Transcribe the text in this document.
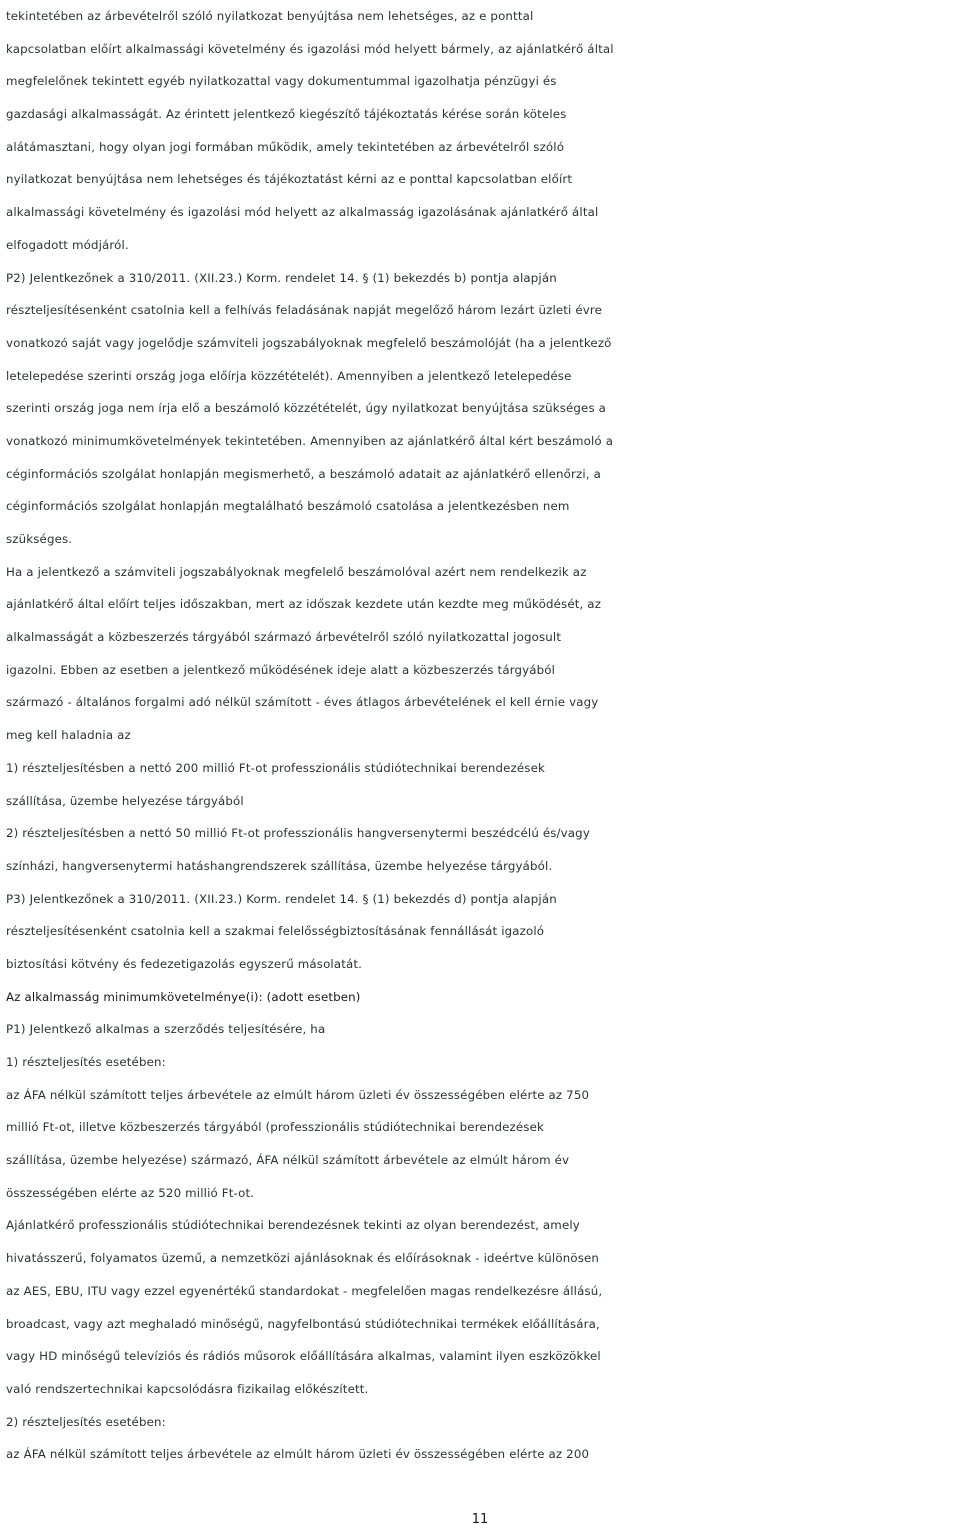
tekintetében az árbevételről szóló nyilatkozat benyújtása nem lehetséges, az e ponttal
kapcsolatban előírt alkalmassági követelmény és igazolási mód helyett bármely, az ajánlatkérő által
megfelelőnek tekintett egyéb nyilatkozattal vagy dokumentummal igazolhatja pénzügyi és
gazdasági alkalmasságát. Az érintett jelentkező kiegészítő tájékoztatás kérése során köteles
alátámasztani, hogy olyan jogi formában működik, amely tekintetében az árbevételről szóló
nyilatkozat benyújtása nem lehetséges és tájékoztatást kérni az e ponttal kapcsolatban előírt
alkalmassági követelmény és igazolási mód helyett az alkalmasság igazolásának ajánlatkérő által
elfogadott módjáról.
P2) Jelentkezőnek a 310/2011. (XII.23.) Korm. rendelet 14. § (1) bekezdés b) pontja alapján
részteljesítésenként csatolnia kell a felhívás feladásának napját megelőző három lezárt üzleti évre
vonatkozó saját vagy jogelődje számviteli jogszabályoknak megfelelő beszámolóját (ha a jelentkező
letelepedése szerinti ország joga előírja közzétételét). Amennyiben a jelentkező letelepedése
szerinti ország joga nem írja elő a beszámoló közzétételét, úgy nyilatkozat benyújtása szükséges a
vonatkozó minimumkövetelmények tekintetében. Amennyiben az ajánlatkérő által kért beszámoló a
céginformációs szolgálat honlapján megismerhető, a beszámoló adatait az ajánlatkérő ellenőrzi, a
céginformációs szolgálat honlapján megtalálható beszámoló csatolása a jelentkezésben nem
szükséges.
Ha a jelentkező a számviteli jogszabályoknak megfelelő beszámolóval azért nem rendelkezik az
ajánlatkérő által előírt teljes időszakban, mert az időszak kezdete után kezdte meg működését, az
alkalmasságát a közbeszerzés tárgyából származó árbevételről szóló nyilatkozattal jogosult
igazolni. Ebben az esetben a jelentkező működésének ideje alatt a közbeszerzés tárgyából
származó - általános forgalmi adó nélkül számított - éves átlagos árbevételének el kell érnie vagy
meg kell haladnia az
1) részteljesítésben a nettó 200 millió Ft-ot professzionális stúdiótechnikai berendezések
szállítása, üzembe helyezése tárgyából
2) részteljesítésben a nettó 50 millió Ft-ot professzionális hangversenytermi beszédcélú és/vagy
színházi, hangversenytermi hatáshangrendszerek szállítása, üzembe helyezése tárgyából.
P3) Jelentkezőnek a 310/2011. (XII.23.) Korm. rendelet 14. § (1) bekezdés d) pontja alapján
részteljesítésenként csatolnia kell a szakmai felelősségbiztosításának fennállását igazoló
biztosítási kötvény és fedezetigazolás egyszerű másolatát.
Az alkalmasság minimumkövetelménye(i): (adott esetben)
P1) Jelentkező alkalmas a szerződés teljesítésére, ha
1) részteljesítés esetében:
az ÁFA nélkül számított teljes árbevétele az elmúlt három üzleti év összességében elérte az 750
millió Ft-ot, illetve közbeszerzés tárgyából (professzionális stúdiótechnikai berendezések
szállítása, üzembe helyezése) származó, ÁFA nélkül számított árbevétele az elmúlt három év
összességében elérte az 520 millió Ft-ot.
Ajánlatkérő professzionális stúdiótechnikai berendezésnek tekinti az olyan berendezést, amely
hivatásszerű, folyamatos üzemű, a nemzetközi ajánlásoknak és előírásoknak - ideértve különösen
az AES, EBU, ITU vagy ezzel egyenértékű standardokat - megfelelően magas rendelkezésre állású,
broadcast, vagy azt meghaladó minőségű, nagyfelbontású stúdiótechnikai termékek előállítására,
vagy HD minőségű televíziós és rádiós műsorok előállítására alkalmas, valamint ilyen eszközökkel
való rendszertechnikai kapcsolódásra fizikailag előkészített.
2) részteljesítés esetében:
az ÁFA nélkül számított teljes árbevétele az elmúlt három üzleti év összességében elérte az 200
11
